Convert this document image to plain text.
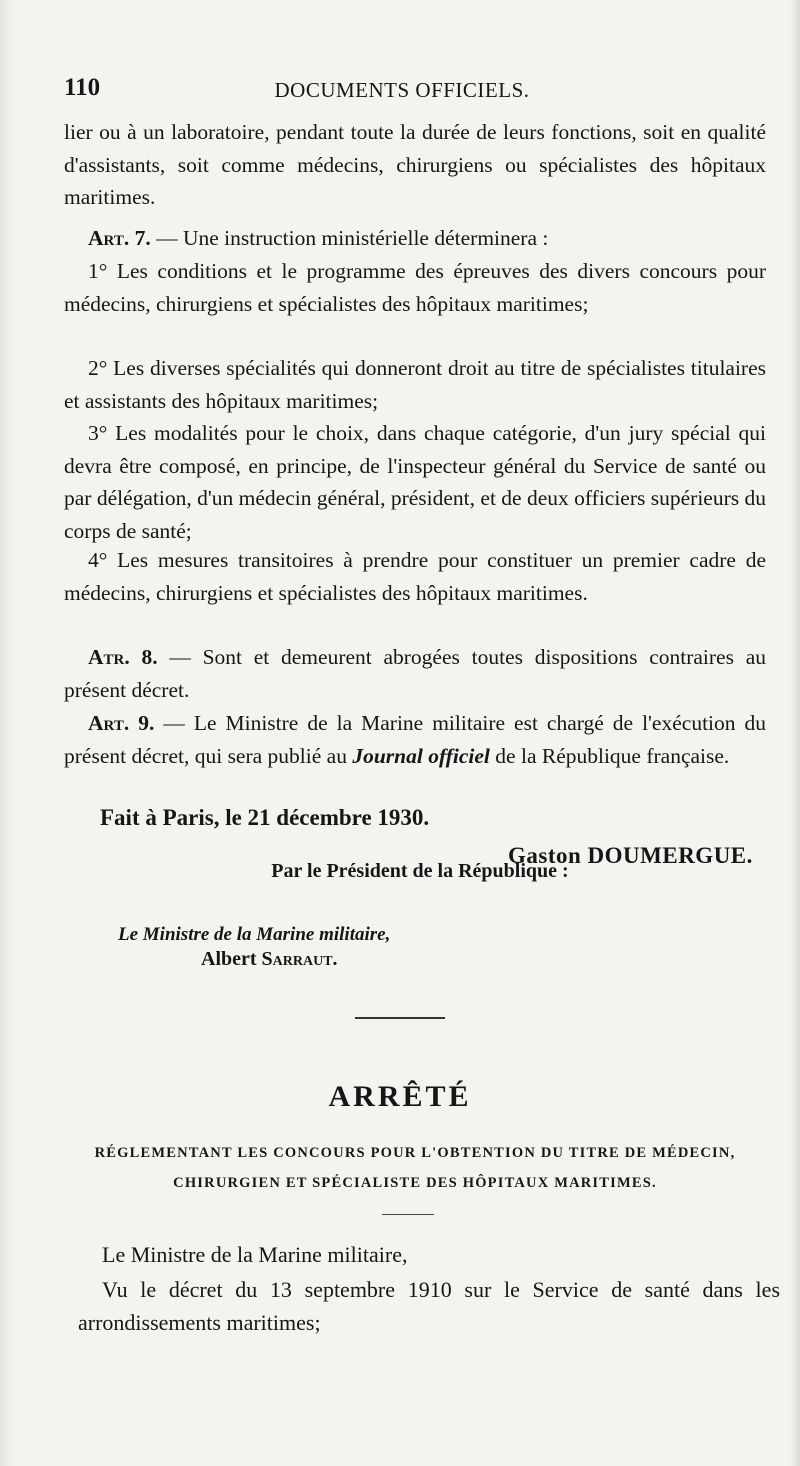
110	DOCUMENTS OFFICIELS.

lier ou à un laboratoire, pendant toute la durée de leurs fonctions, soit en qualité d'assistants, soit comme médecins, chirurgiens ou spécialistes des hôpitaux maritimes.

Art. 7. — Une instruction ministérielle déterminera :

1° Les conditions et le programme des épreuves des divers concours pour médecins, chirurgiens et spécialistes des hôpitaux maritimes;

2° Les diverses spécialités qui donneront droit au titre de spécialistes titulaires et assistants des hôpitaux maritimes;

3° Les modalités pour le choix, dans chaque catégorie, d'un jury spécial qui devra être composé, en principe, de l'inspecteur général du Service de santé ou par délégation, d'un médecin général, président, et de deux officiers supérieurs du corps de santé;

4° Les mesures transitoires à prendre pour constituer un premier cadre de médecins, chirurgiens et spécialistes des hôpitaux maritimes.

Atr. 8. — Sont et demeurent abrogées toutes dispositions contraires au présent décret.

Art. 9. — Le Ministre de la Marine militaire est chargé de l'exécution du présent décret, qui sera publié au Journal officiel de la République française.

Fait à Paris, le 21 décembre 1930.
Gaston DOUMERGUE.
Par le Président de la République :
Le Ministre de la Marine militaire,
Albert Sarraut.
ARRÊTÉ
RÉGLEMENTANT LES CONCOURS POUR L'OBTENTION DU TITRE DE MÉDECIN, CHIRURGIEN ET SPÉCIALISTE DES HÔPITAUX MARITIMES.

Le Ministre de la Marine militaire,

Vu le décret du 13 septembre 1910 sur le Service de santé dans les arrondissements maritimes;
